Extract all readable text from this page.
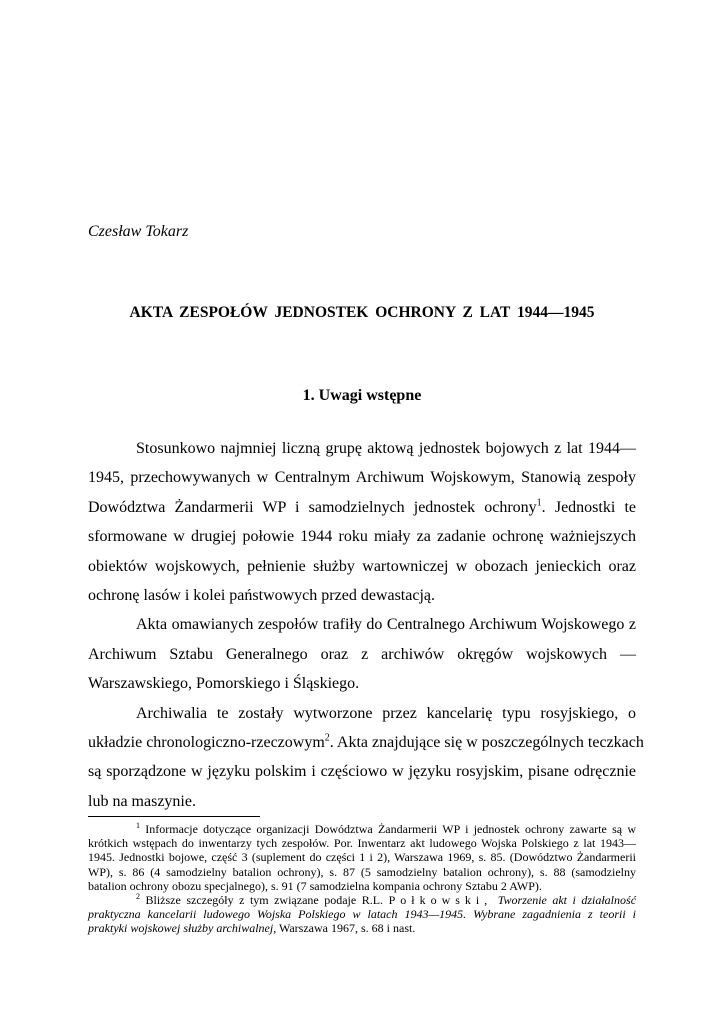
Czesław Tokarz
AKTA ZESPOŁÓW JEDNOSTEK OCHRONY Z LAT 1944—1945
1. Uwagi wstępne
Stosunkowo najmniej liczną grupę aktową jednostek bojowych z lat 1944—
1945, przechowywanych w Centralnym Archiwum Wojskowym, Stanowią zespoły
Dowództwa Żandarmerii WP i samodzielnych jednostek ochrony$^1$. Jednostki te
sformowane w drugiej połowie 1944 roku miały za zadanie ochronę ważniejszych
obiektów wojskowych, pełnienie służby wartowniczej w obozach jenieckich oraz
ochronę lasów i kolei państwowych przed dewastacją.
Akta omawianych zespołów trafiły do Centralnego Archiwum Wojskowego z
Archiwum Sztabu Generalnego oraz z archiwów okręgów wojskowych —
Warszawskiego, Pomorskiego i Śląskiego.
Archiwalia te zostały wytworzone przez kancelarię typu rosyjskiego, o
układzie chronologiczno-rzeczowym$^2$. Akta znajdujące się w poszczególnych teczkach
są sporządzone w języku polskim i częściowo w języku rosyjskim, pisane odręcznie
lub na maszynie.
$^1$ Informacje dotyczące organizacji Dowództwa Żandarmerii WP i jednostek ochrony zawarte są w
krótkich wstępach do inwentarzy tych zespołów. Por. Inwentarz akt ludowego Wojska Polskiego z lat 1943—
1945. Jednostki bojowe, część 3 (suplement do części 1 i 2), Warszawa 1969, s. 85. (Dowództwo Żandarmerii
WP), s. 86 (4 samodzielny batalion ochrony), s. 87 (5 samodzielny batalion ochrony), s. 88 (samodzielny
batalion ochrony obozu specjalnego), s. 91 (7 samodzielna kompania ochrony Sztabu 2 AWP).
$^2$ Bliższe szczegóły z tym związane podaje R.L. Połkowski, Tworzenie akt i działalność
praktyczna kancelarii ludowego Wojska Polskiego w latach 1943—1945. Wybrane zagadnienia z teorii i
praktyki wojskowej służby archiwalnej, Warszawa 1967, s. 68 i nast.
